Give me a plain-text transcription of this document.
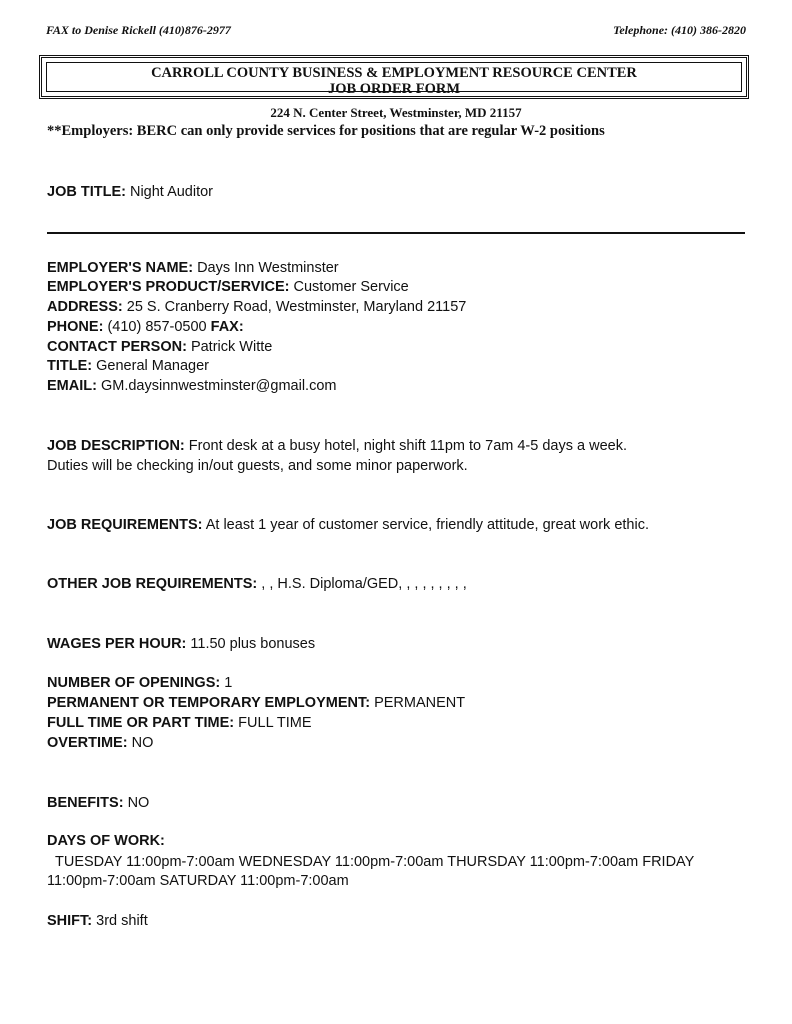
FAX to Denise Rickell (410)876-2977	Telephone: (410) 386-2820
CARROLL COUNTY BUSINESS & EMPLOYMENT RESOURCE CENTER
JOB ORDER FORM
224 N. Center Street, Westminster, MD 21157
**Employers: BERC can only provide services for positions that are regular W-2 positions
JOB TITLE: Night Auditor
EMPLOYER'S NAME: Days Inn Westminster
EMPLOYER'S PRODUCT/SERVICE: Customer Service
ADDRESS: 25 S. Cranberry Road, Westminster, Maryland 21157
PHONE: (410) 857-0500 FAX:
CONTACT PERSON: Patrick Witte
TITLE: General Manager
EMAIL: GM.daysinnwestminster@gmail.com
JOB DESCRIPTION: Front desk at a busy hotel, night shift 11pm to 7am 4-5 days a week.
Duties will be checking in/out guests, and some minor paperwork.
JOB REQUIREMENTS: At least 1 year of customer service, friendly attitude, great work ethic.
OTHER JOB REQUIREMENTS: , , H.S. Diploma/GED, , , , , , , , ,
WAGES PER HOUR: 11.50 plus bonuses
NUMBER OF OPENINGS: 1
PERMANENT OR TEMPORARY EMPLOYMENT: PERMANENT
FULL TIME OR PART TIME: FULL TIME
OVERTIME: NO
BENEFITS: NO
DAYS OF WORK:
TUESDAY 11:00pm-7:00am WEDNESDAY 11:00pm-7:00am THURSDAY 11:00pm-7:00am FRIDAY
11:00pm-7:00am SATURDAY 11:00pm-7:00am
SHIFT: 3rd shift
